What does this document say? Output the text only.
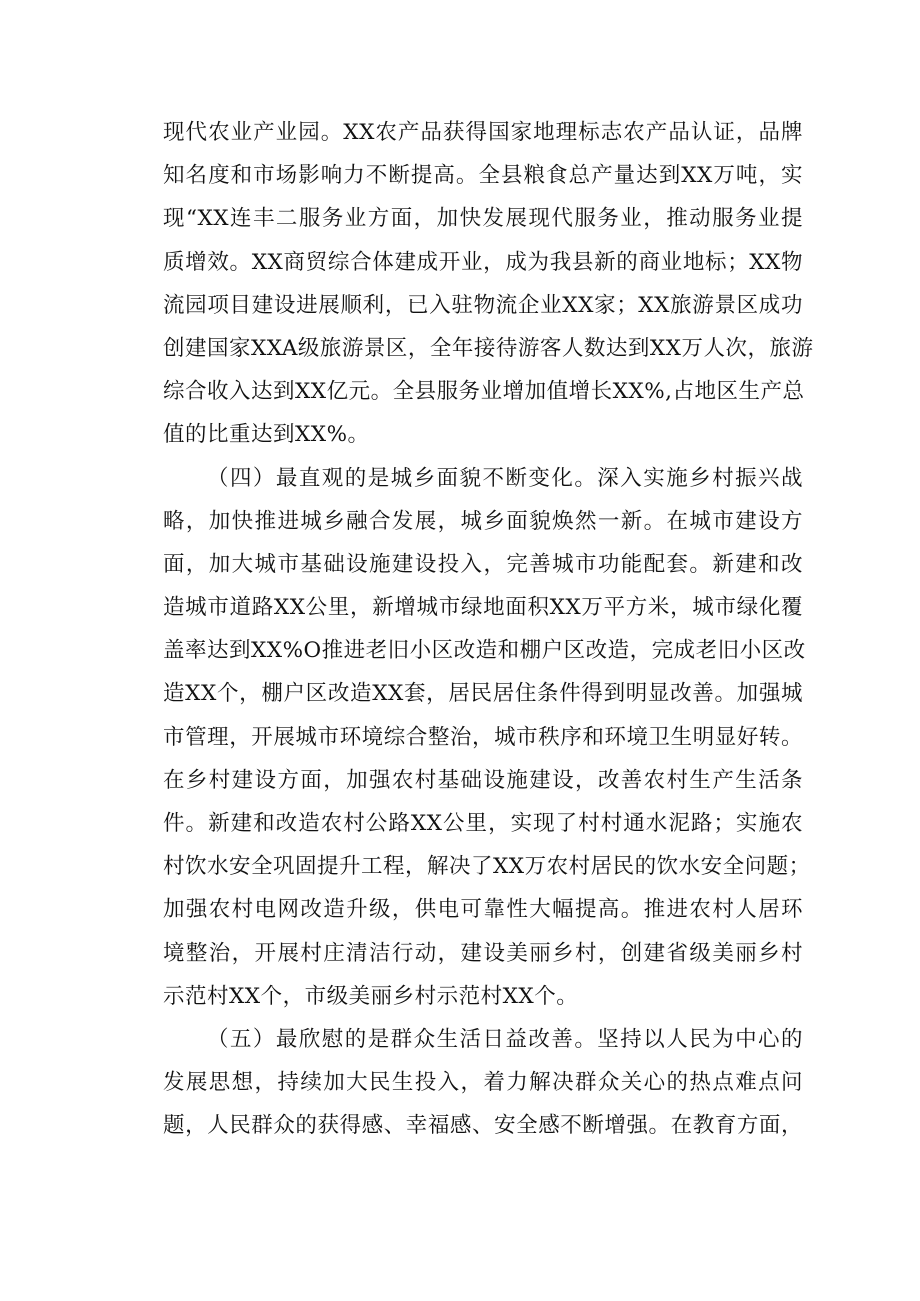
现代农业产业园。XX农产品获得国家地理标志农产品认证，品牌
知名度和市场影响力不断提高。全县粮食总产量达到XX万吨，实
现“XX连丰二服务业方面，加快发展现代服务业，推动服务业提
质增效。XX商贸综合体建成开业，成为我县新的商业地标；XX物
流园项目建设进展顺利，已入驻物流企业XX家；XX旅游景区成功
创建国家XXA级旅游景区，全年接待游客人数达到XX万人次，旅游
综合收入达到XX亿元。全县服务业增加值增长XX%,占地区生产总
值的比重达到XX%。
（四）最直观的是城乡面貌不断变化。深入实施乡村振兴战
略，加快推进城乡融合发展，城乡面貌焕然一新。在城市建设方
面，加大城市基础设施建设投入，完善城市功能配套。新建和改
造城市道路XX公里，新增城市绿地面积XX万平方米，城市绿化覆
盖率达到XX%O推进老旧小区改造和棚户区改造，完成老旧小区改
造XX个，棚户区改造XX套，居民居住条件得到明显改善。加强城
市管理，开展城市环境综合整治，城市秩序和环境卫生明显好转。
在乡村建设方面，加强农村基础设施建设，改善农村生产生活条
件。新建和改造农村公路XX公里，实现了村村通水泥路；实施农
村饮水安全巩固提升工程，解决了XX万农村居民的饮水安全问题；
加强农村电网改造升级，供电可靠性大幅提高。推进农村人居环
境整治，开展村庄清洁行动，建设美丽乡村，创建省级美丽乡村
示范村XX个，市级美丽乡村示范村XX个。
（五）最欣慰的是群众生活日益改善。坚持以人民为中心的
发展思想，持续加大民生投入，着力解决群众关心的热点难点问
题，人民群众的获得感、幸福感、安全感不断增强。在教育方面，
